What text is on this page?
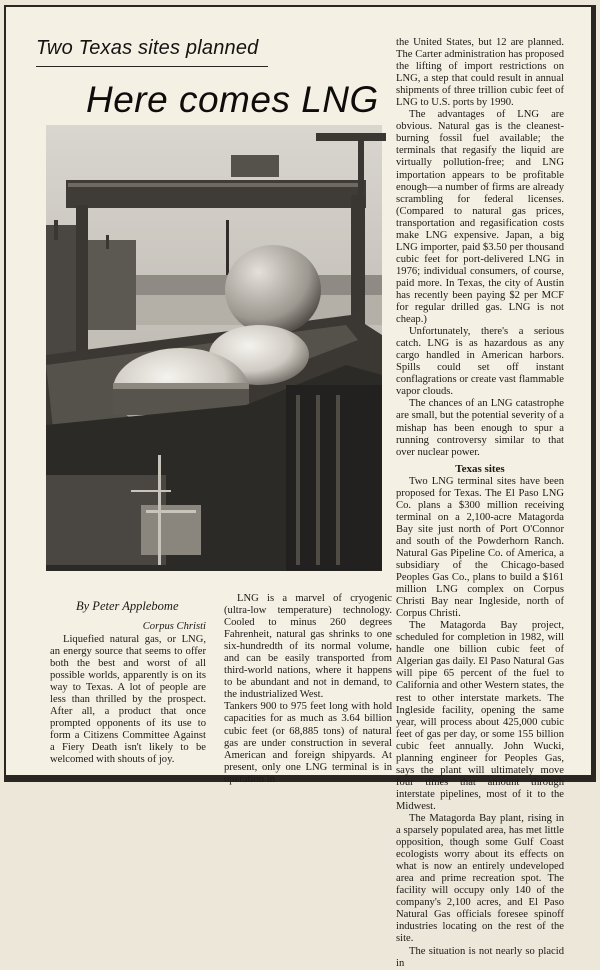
Two Texas sites planned
Here comes LNG

the United States, but 12 are planned. The Carter administration has proposed the lifting of import restrictions on LNG, a step that could result in annual shipments of three trillion cubic feet of LNG to U.S. ports by 1990.

The advantages of LNG are obvious. Natural gas is the cleanest-burning fossil fuel available; the terminals that regasify the liquid are virtually pollution-free; and LNG importation appears to be profitable enough—a number of firms are already scrambling for federal licenses. (Compared to natural gas prices, transportation and regasification costs make LNG expensive. Japan, a big LNG importer, paid $3.50 per thousand cubic feet for port-delivered LNG in 1976; individual consumers, of course, paid more. In Texas, the city of Austin has recently been paying $2 per MCF for regular drilled gas. LNG is not cheap.)

Unfortunately, there's a serious catch. LNG is as hazardous as any cargo handled in American harbors. Spills could set off instant conflagrations or create vast flammable vapor clouds.

The chances of an LNG catastrophe are small, but the potential severity of a mishap has been enough to spur a running controversy similar to that over nuclear power.

Texas sites

Two LNG terminal sites have been proposed for Texas. The El Paso LNG Co. plans a $300 million receiving terminal on a 2,100-acre Matagorda Bay site just north of Port O'Connor and south of the Powderhorn Ranch. Natural Gas Pipeline Co. of America, a subsidiary of the Chicago-based Peoples Gas Co., plans to build a $161 million LNG complex on Corpus Christi Bay near Ingleside, north of Corpus Christi.

The Matagorda Bay project, scheduled for completion in 1982, will handle one billion cubic feet of Algerian gas daily. El Paso Natural Gas will pipe 65 percent of the fuel to California and other Western states, the rest to other interstate markets. The Ingleside facility, opening the same year, will process about 425,000 cubic feet of gas per day, or some 155 billion cubic feet annually. John Wucki, planning engineer for Peoples Gas, says the plant will ultimately move four times that amount through interstate pipelines, most of it to the Midwest.

The Matagorda Bay plant, rising in a sparsely populated area, has met little opposition, though some Gulf Coast ecologists worry about its effects on what is now an entirely undeveloped area and prime recreation spot. The facility will occupy only 140 of the company's 2,100 acres, and El Paso Natural Gas officials foresee spinoff industries locating on the rest of the site.

The situation is not nearly so placid in

By Peter Applebome
Corpus Christi

Liquefied natural gas, or LNG, an energy source that seems to offer both the best and worst of all possible worlds, apparently is on its way to Texas. A lot of people are less than thrilled by the prospect. After all, a product that once prompted opponents of its use to form a Citizens Committee Against a Fiery Death isn't likely to be welcomed with shouts of joy.

LNG is a marvel of cryogenic (ultra-low temperature) technology. Cooled to minus 260 degrees Fahrenheit, natural gas shrinks to one six-hundredth of its normal volume, and can be easily transported from third-world nations, where it happens to be abundant and not in demand, to the industrialized West.

Tankers 900 to 975 feet long with hold capacities for as much as 3.64 billion cubic feet (or 68,885 tons) of natural gas are under construction in several American and foreign shipyards. At present, only one LNG terminal is in operation in
